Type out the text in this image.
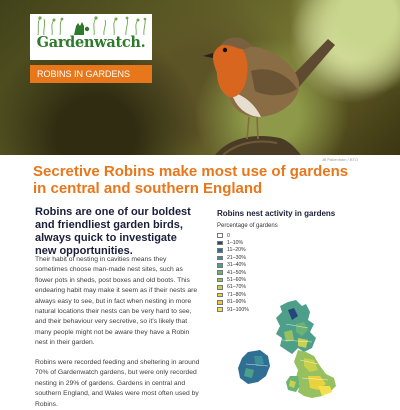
Gardenwatch.
ROBINS IN GARDENS
Jill Pakenham / BTO
Secretive Robins make most use of gardens in central and southern England

Robins are one of our boldest and friendliest garden birds, always quick to investigate new opportunities.

Their habit of nesting in cavities means they sometimes choose man-made nest sites, such as flower pots in sheds, post boxes and old boots. This endearing habit may make it seem as if their nests are always easy to see, but in fact when nesting in more natural locations their nests can be very hard to see, and their behaviour very secretive, so it's likely that many people might not be aware they have a Robin nest in their garden.

Robins were recorded feeding and sheltering in around 70% of Gardenwatch gardens, but were only recorded nesting in 29% of gardens. Gardens in central and southern England, and Wales were most often used by Robins.

Robins nest activity in gardens
Percentage of gardens
0
1–10%
11–20%
21–30%
31–40%
41–50%
51–60%
61–70%
71–80%
81–90%
91–100%
